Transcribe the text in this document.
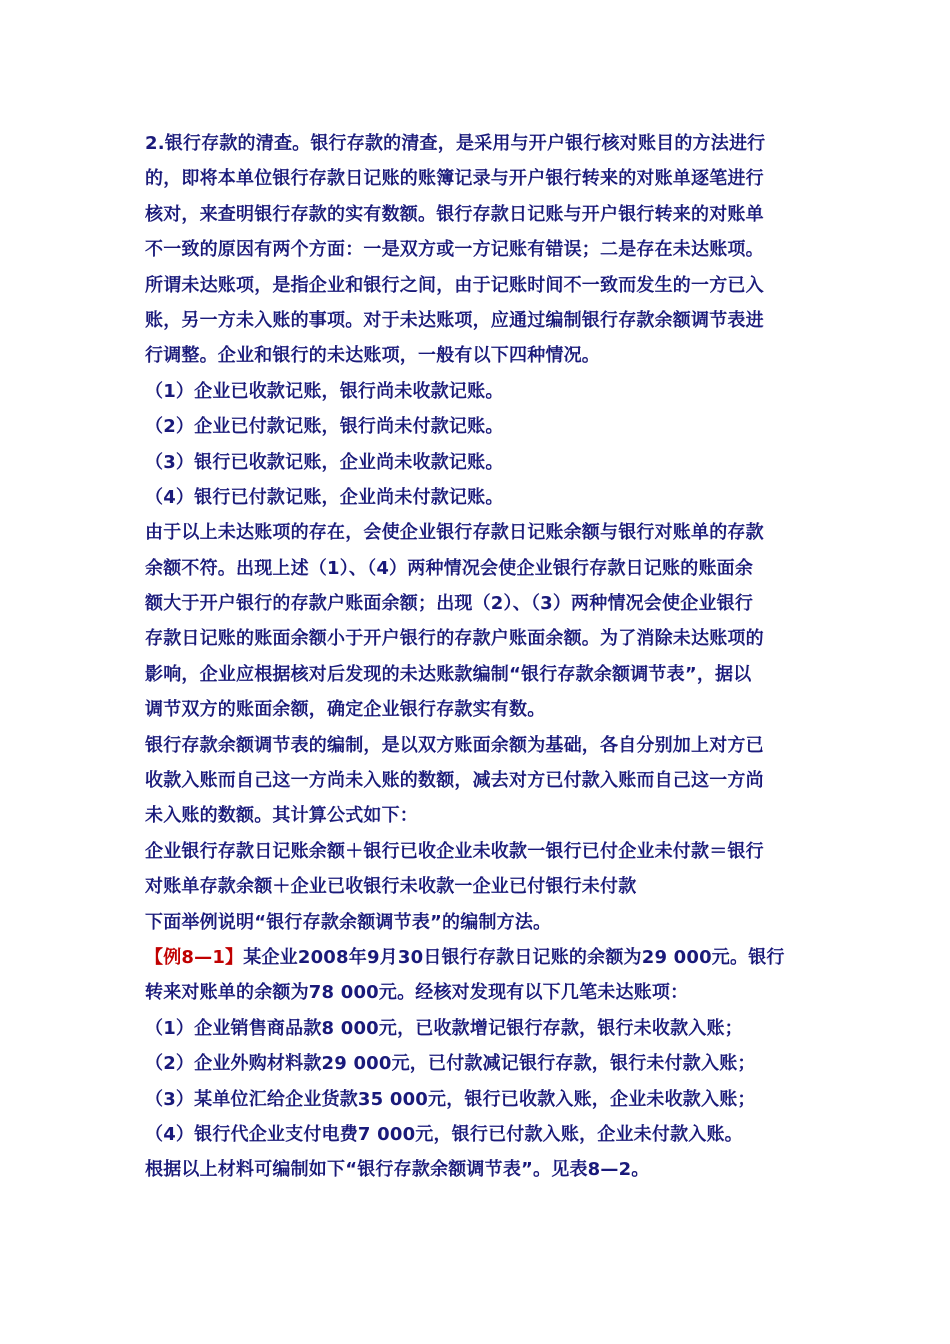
2.银行存款的清查。银行存款的清查，是采用与开户银行核对账目的方法进行
的，即将本单位银行存款日记账的账簿记录与开户银行转来的对账单逐笔进行
核对，来查明银行存款的实有数额。银行存款日记账与开户银行转来的对账单
不一致的原因有两个方面：一是双方或一方记账有错误；二是存在未达账项。
所谓未达账项，是指企业和银行之间，由于记账时间不一致而发生的一方已入
账，另一方未入账的事项。对于未达账项，应通过编制银行存款余额调节表进
行调整。企业和银行的未达账项，一般有以下四种情况。
（1）企业已收款记账，银行尚未收款记账。
（2）企业已付款记账，银行尚未付款记账。
（3）银行已收款记账，企业尚未收款记账。
（4）银行已付款记账，企业尚未付款记账。
由于以上未达账项的存在，会使企业银行存款日记账余额与银行对账单的存款
余额不符。出现上述（1）、（4）两种情况会使企业银行存款日记账的账面余
额大于开户银行的存款户账面余额；出现（2）、（3）两种情况会使企业银行
存款日记账的账面余额小于开户银行的存款户账面余额。为了消除未达账项的
影响，企业应根据核对后发现的未达账款编制“银行存款余额调节表”，据以
调节双方的账面余额，确定企业银行存款实有数。
银行存款余额调节表的编制，是以双方账面余额为基础，各自分别加上对方已
收款入账而自己这一方尚未入账的数额，减去对方已付款入账而自己这一方尚
未入账的数额。其计算公式如下：
企业银行存款日记账余额＋银行已收企业未收款一银行已付企业未付款＝银行
对账单存款余额＋企业已收银行未收款一企业已付银行未付款
下面举例说明“银行存款余额调节表”的编制方法。
【例8—1】某企业2008年9月30日银行存款日记账的余额为29 000元。银行
转来对账单的余额为78 000元。经核对发现有以下几笔未达账项：
（1）企业销售商品款8 000元，已收款增记银行存款，银行未收款入账；
（2）企业外购材料款29 000元，已付款减记银行存款，银行未付款入账；
（3）某单位汇给企业货款35 000元，银行已收款入账，企业未收款入账；
（4）银行代企业支付电费7 000元，银行已付款入账，企业未付款入账。
根据以上材料可编制如下“银行存款余额调节表”。见表8—2。
